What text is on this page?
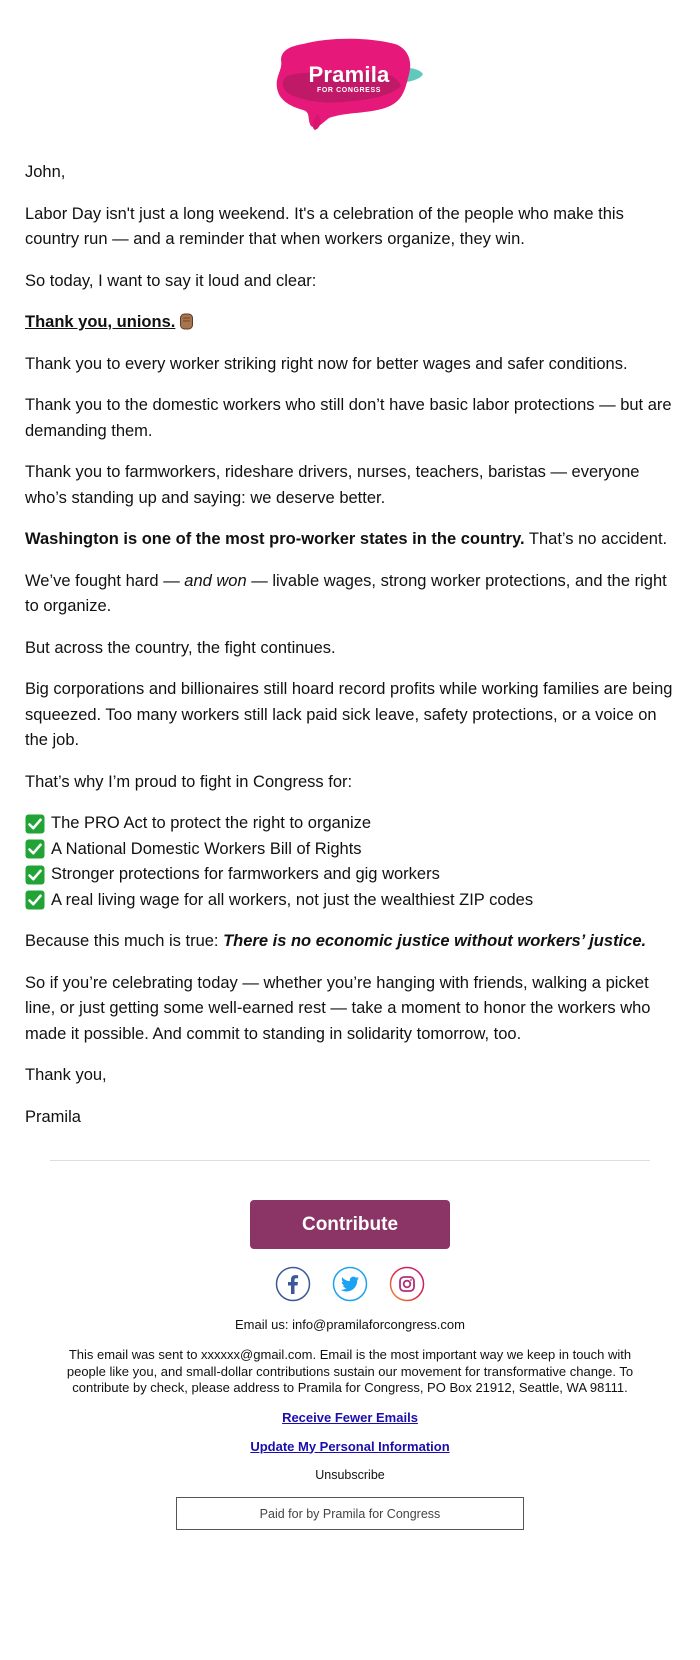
Pramila
FOR CONGRESS

John,

Labor Day isn't just a long weekend. It's a celebration of the people who make this country run — and a reminder that when workers organize, they win.

So today, I want to say it loud and clear:

Thank you, unions.

Thank you to every worker striking right now for better wages and safer conditions.

Thank you to the domestic workers who still don’t have basic labor protections — but are demanding them.

Thank you to farmworkers, rideshare drivers, nurses, teachers, baristas — everyone who’s standing up and saying: we deserve better.

Washington is one of the most pro-worker states in the country. That’s no accident.

We’ve fought hard — and won — livable wages, strong worker protections, and the right to organize.

But across the country, the fight continues.

Big corporations and billionaires still hoard record profits while working families are being squeezed. Too many workers still lack paid sick leave, safety protections, or a voice on the job.

That’s why I’m proud to fight in Congress for:

The PRO Act to protect the right to organize
A National Domestic Workers Bill of Rights
Stronger protections for farmworkers and gig workers
A real living wage for all workers, not just the wealthiest ZIP codes

Because this much is true: There is no economic justice without workers’ justice.

So if you’re celebrating today — whether you’re hanging with friends, walking a picket line, or just getting some well-earned rest — take a moment to honor the workers who made it possible. And commit to standing in solidarity tomorrow, too.

Thank you,

Pramila

Contribute
Email us: info@pramilaforcongress.com
This email was sent to xxxxxx@gmail.com. Email is the most important way we keep in touch with people like you, and small-dollar contributions sustain our movement for transformative change. To contribute by check, please address to Pramila for Congress, PO Box 21912, Seattle, WA 98111.
Receive Fewer Emails
Update My Personal Information
Unsubscribe
Paid for by Pramila for Congress
